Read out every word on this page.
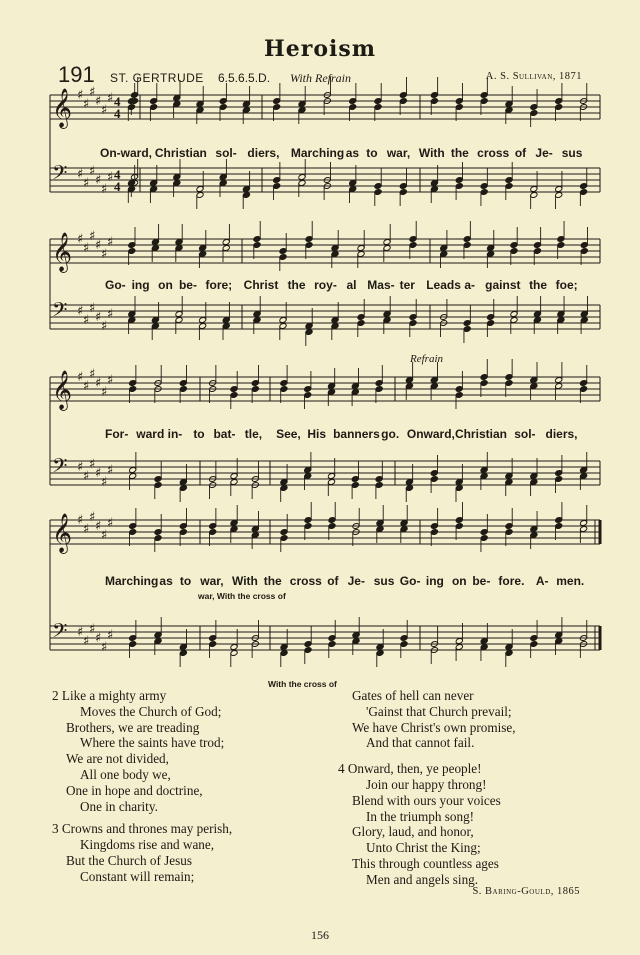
Heroism
191 ST. GERTRUDE 6.5.6.5.D. With Refrain	A. S. Sullivan, 1871
𝄞
𝄢
♯
♯
♯
♯
♯
♯
♯
♯
♯
♯
♯
♯
4
4
4
4
On-ward, Christian sol- diers, Marching as to war, With the cross of Je- sus
𝄞
𝄢
♯
♯
♯
♯
♯
♯
♯
♯
♯
♯
♯
♯
Go- ing on be- fore; Christ the roy- al Mas- ter Leads a- gainst the foe;
𝄞
𝄢
♯
♯
♯
♯
♯
♯
♯
♯
♯
♯
♯
♯
Refrain
For- ward in- to bat- tle, See, His banners go. Onward, Christian sol- diers,
𝄞
𝄢
♯
♯
♯
♯
♯
♯
♯
♯
♯
♯
♯
♯
Marching as to war, With the cross of Je- sus Go- ing on be- fore. A- men.
war, With the cross of
With the cross of
2 Like a mighty army
Moves the Church of God;
Brothers, we are treading
Where the saints have trod;
We are not divided,
All one body we,
One in hope and doctrine,
One in charity.
3 Crowns and thrones may perish,
Kingdoms rise and wane,
But the Church of Jesus
Constant will remain;
Gates of hell can never
'Gainst that Church prevail;
We have Christ's own promise,
And that cannot fail.
4 Onward, then, ye people!
Join our happy throng!
Blend with ours your voices
In the triumph song!
Glory, laud, and honor,
Unto Christ the King;
This through countless ages
Men and angels sing.
S. Baring-Gould, 1865
156
